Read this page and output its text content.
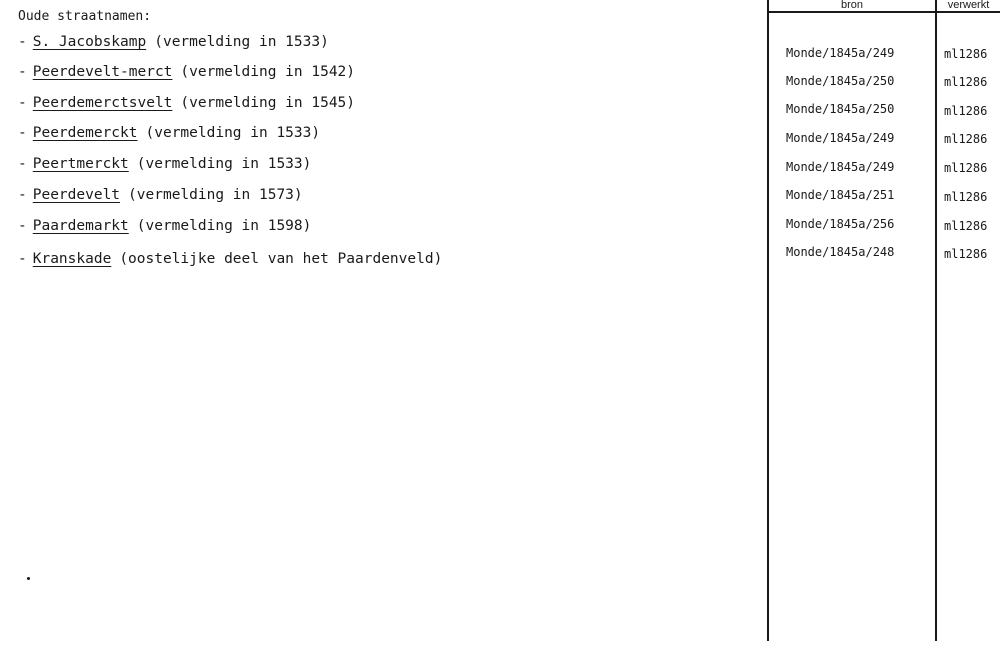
Oude straatnamen:
- S. Jacobskamp (vermelding in 1533)
- Peerdevelt-merct (vermelding in 1542)
- Peerdemerctsvelt (vermelding in 1545)
- Peerdemerckt (vermelding in 1533)
- Peertmerckt (vermelding in 1533)
- Peerdevelt (vermelding in 1573)
- Paardemarkt (vermelding in 1598)
- Kranskade (oostelijke deel van het Paardenveld)
bron	verwerkt
Monde/1845a/249	ml1286
Monde/1845a/250	ml1286
Monde/1845a/250	ml1286
Monde/1845a/249	ml1286
Monde/1845a/249	ml1286
Monde/1845a/251	ml1286
Monde/1845a/256	ml1286
Monde/1845a/248	ml1286
